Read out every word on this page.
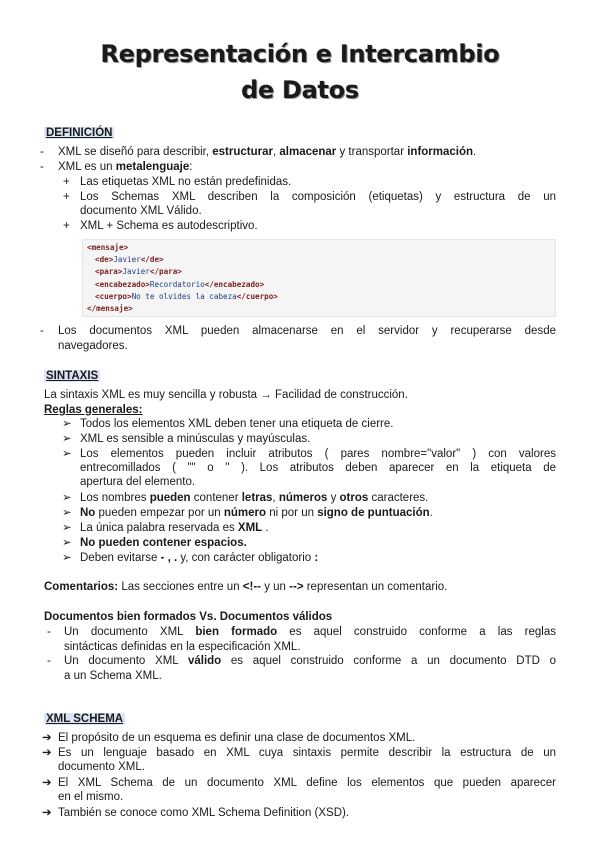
Representación e Intercambio
de Datos
DEFINICIÓN
- XML se diseñó para describir, estructurar, almacenar y transportar información.
- XML es un metalenguaje:
+ Las etiquetas XML no están predefinidas.
+ Los Schemas XML describen la composición (etiquetas) y estructura de un
documento XML Válido.
+ XML + Schema es autodescriptivo.
<mensaje>
<de>Javier</de>
<para>Javier</para>
<encabezado>Recordatorio</encabezado>
<cuerpo>No te olvides la cabeza</cuerpo>
</mensaje>
- Los documentos XML pueden almacenarse en el servidor y recuperarse desde
navegadores.
SINTAXIS
La sintaxis XML es muy sencilla y robusta → Facilidad de construcción.
Reglas generales:
➢ Todos los elementos XML deben tener una etiqueta de cierre.
➢ XML es sensible a minúsculas y mayúsculas.
➢ Los elementos pueden incluir atributos ( pares nombre="valor" ) con valores
entrecomillados ( "" o '' ). Los atributos deben aparecer en la etiqueta de
apertura del elemento.
➢ Los nombres pueden contener letras, números y otros caracteres.
➢ No pueden empezar por un número ni por un signo de puntuación.
➢ La única palabra reservada es XML .
➢ No pueden contener espacios.
➢ Deben evitarse - , . y, con carácter obligatorio :
Comentarios: Las secciones entre un <!-- y un --> representan un comentario.
Documentos bien formados Vs. Documentos válidos
- Un documento XML bien formado es aquel construido conforme a las reglas
sintácticas definidas en la especificación XML.
- Un documento XML válido es aquel construido conforme a un documento DTD o
a un Schema XML.
XML SCHEMA
➔ El propósito de un esquema es definir una clase de documentos XML.
➔ Es un lenguaje basado en XML cuya sintaxis permite describir la estructura de un
documento XML.
➔ El XML Schema de un documento XML define los elementos que pueden aparecer
en el mismo.
➔ También se conoce como XML Schema Definition (XSD).
